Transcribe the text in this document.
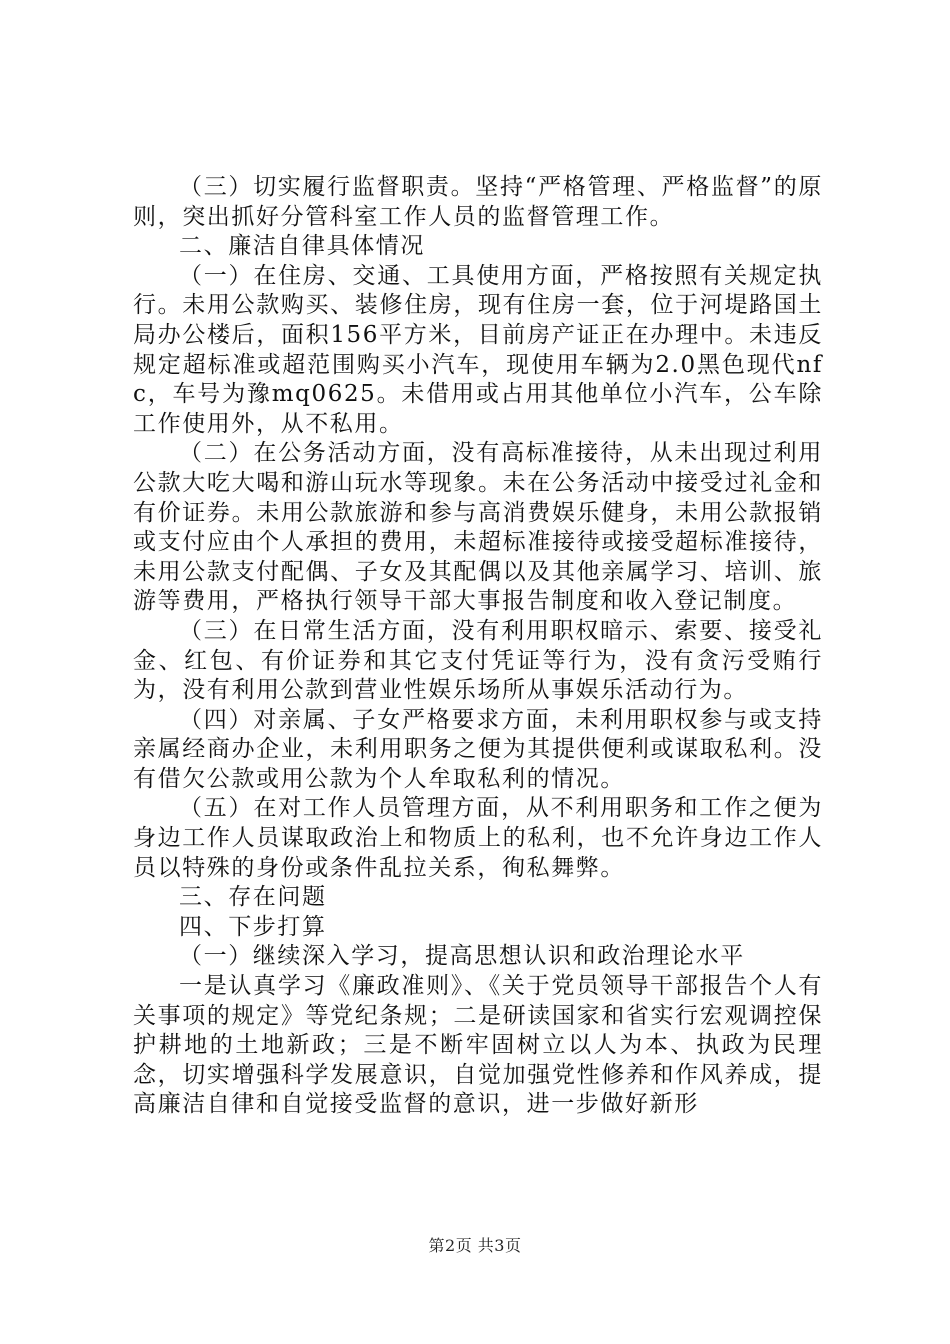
（三）切实履行监督职责。坚持“严格管理、严格监督”的原则，突出抓好分管科室工作人员的监督管理工作。

二、廉洁自律具体情况

（一）在住房、交通、工具使用方面，严格按照有关规定执行。未用公款购买、装修住房，现有住房一套，位于河堤路国土局办公楼后，面积156平方米，目前房产证正在办理中。未违反规定超标准或超范围购买小汽车，现使用车辆为2.0黑色现代nfc，车号为豫mq0625。未借用或占用其他单位小汽车，公车除工作使用外，从不私用。

（二）在公务活动方面，没有高标准接待，从未出现过利用公款大吃大喝和游山玩水等现象。未在公务活动中接受过礼金和有价证券。未用公款旅游和参与高消费娱乐健身，未用公款报销或支付应由个人承担的费用，未超标准接待或接受超标准接待，未用公款支付配偶、子女及其配偶以及其他亲属学习、培训、旅游等费用，严格执行领导干部大事报告制度和收入登记制度。

（三）在日常生活方面，没有利用职权暗示、索要、接受礼金、红包、有价证券和其它支付凭证等行为，没有贪污受贿行为，没有利用公款到营业性娱乐场所从事娱乐活动行为。

（四）对亲属、子女严格要求方面，未利用职权参与或支持亲属经商办企业，未利用职务之便为其提供便利或谋取私利。没有借欠公款或用公款为个人牟取私利的情况。

（五）在对工作人员管理方面，从不利用职务和工作之便为身边工作人员谋取政治上和物质上的私利，也不允许身边工作人员以特殊的身份或条件乱拉关系，徇私舞弊。

三、存在问题

四、下步打算

（一）继续深入学习，提高思想认识和政治理论水平

一是认真学习《廉政准则》、《关于党员领导干部报告个人有关事项的规定》等党纪条规；二是研读国家和省实行宏观调控保护耕地的土地新政；三是不断牢固树立以人为本、执政为民理念，切实增强科学发展意识，自觉加强党性修养和作风养成，提高廉洁自律和自觉接受监督的意识，进一步做好新形

第2页 共3页
